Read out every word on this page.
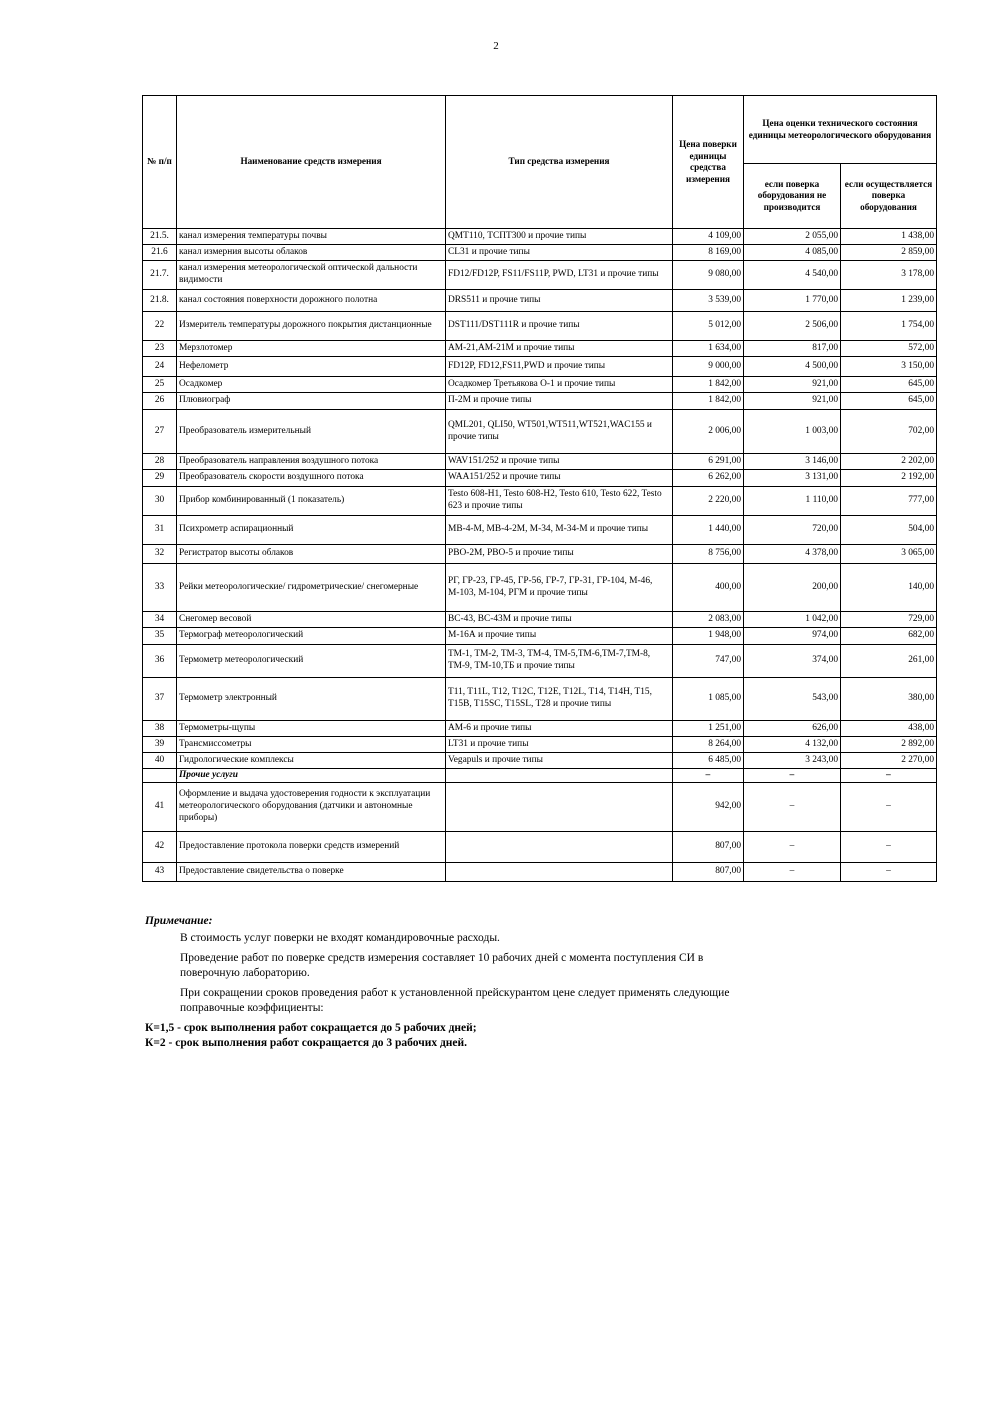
2
№ п/п	Наименование средств измерения	Тип средства измерения	Цена поверки единицы средства измерения	Цена оценки технического состояния единицы метеорологического оборудования	
				если поверка оборудования не производится	если осуществляется поверка оборудования
21.5.	канал измерения температуры почвы	QMT110, ТСПТ300 и прочие типы	4 109,00	2 055,00	1 438,00
21.6	канал измерния высоты облаков	CL31 и прочие типы	8 169,00	4 085,00	2 859,00
21.7.	канал измерения метеорологической оптической дальности видимости	FD12/FD12P, FS11/FS11P, PWD, LT31 и прочие типы	9 080,00	4 540,00	3 178,00
21.8.	канал состояния поверхности дорожного полотна	DRS511 и прочие типы	3 539,00	1 770,00	1 239,00
22	Измеритель температуры дорожного покрытия дистанционные	DST111/DST111R и прочие типы	5 012,00	2 506,00	1 754,00
23	Мерзлотомер	АМ-21,АМ-21М и прочие типы	1 634,00	817,00	572,00
24	Нефелометр	FD12P, FD12,FS11,PWD и прочие типы	9 000,00	4 500,00	3 150,00
25	Осадкомер	Осадкомер Третьякова О-1 и прочие типы	1 842,00	921,00	645,00
26	Плювиограф	П-2М и прочие типы	1 842,00	921,00	645,00
27	Преобразователь измерительный	QML201, QLI50, WT501,WT511,WT521,WAC155 и прочие типы	2 006,00	1 003,00	702,00
28	Преобразователь направления воздушного потока	WAV151/252 и прочие типы	6 291,00	3 146,00	2 202,00
29	Преобразователь скорости воздушного потока	WAA151/252 и прочие типы	6 262,00	3 131,00	2 192,00
30	Прибор комбинированный (1 показатель)	Testo 608-H1, Testo 608-H2, Testo 610, Testo 622, Testo 623 и прочие типы	2 220,00	1 110,00	777,00
31	Психрометр аспирационный	МВ-4-М, МВ-4-2М, М-34, М-34-М и прочие типы	1 440,00	720,00	504,00
32	Регистратор высоты облаков	РВО-2М, РВО-5 и прочие типы	8 756,00	4 378,00	3 065,00
33	Рейки метеорологические/ гидрометрические/ снегомерные	РГ, ГР-23, ГР-45, ГР-56, ГР-7, ГР-31, ГР-104, М-46, М-103, М-104, РГМ и прочие типы	400,00	200,00	140,00
34	Снегомер весовой	ВС-43, ВС-43М и прочие типы	2 083,00	1 042,00	729,00
35	Термограф метеорологический	М-16А и прочие типы	1 948,00	974,00	682,00
36	Термометр метеорологический	ТМ-1, ТМ-2, ТМ-3, ТМ-4, ТМ-5,ТМ-6,ТМ-7,ТМ-8, ТМ-9, ТМ-10,ТБ и прочие типы	747,00	374,00	261,00
37	Термометр электронный	T11, T11L, T12, T12C, T12E, T12L, T14, T14H, T15, T15B, T15SC, T15SL, T28 и прочие типы	1 085,00	543,00	380,00
38	Термометры-щупы	АМ-6 и прочие типы	1 251,00	626,00	438,00
39	Трансмиссометры	LT31 и прочие типы	8 264,00	4 132,00	2 892,00
40	Гидрологические комплексы	Vegapuls и прочие типы	6 485,00	3 243,00	2 270,00
	Прочие услуги		–	–	–
41	Оформление и выдача удостоверения годности к эксплуатации метеорологического оборудования (датчики и автономные приборы)		942,00	–	–
42	Предоставление протокола поверки средств измерений		807,00	–	–
43	Предоставление свидетельства о поверке		807,00	–	–
Примечание:

В стоимость услуг поверки не входят командировочные расходы.

Проведение работ по поверке средств измерения составляет 10 рабочих дней с момента поступления СИ в поверочную лабораторию.

При сокращении сроков проведения работ к установленной прейскурантом цене следует применять следующие поправочные коэффициенты:

К=1,5 - срок выполнения работ сокращается до 5 рабочих дней;
К=2 - срок выполнения работ сокращается до 3 рабочих дней.
